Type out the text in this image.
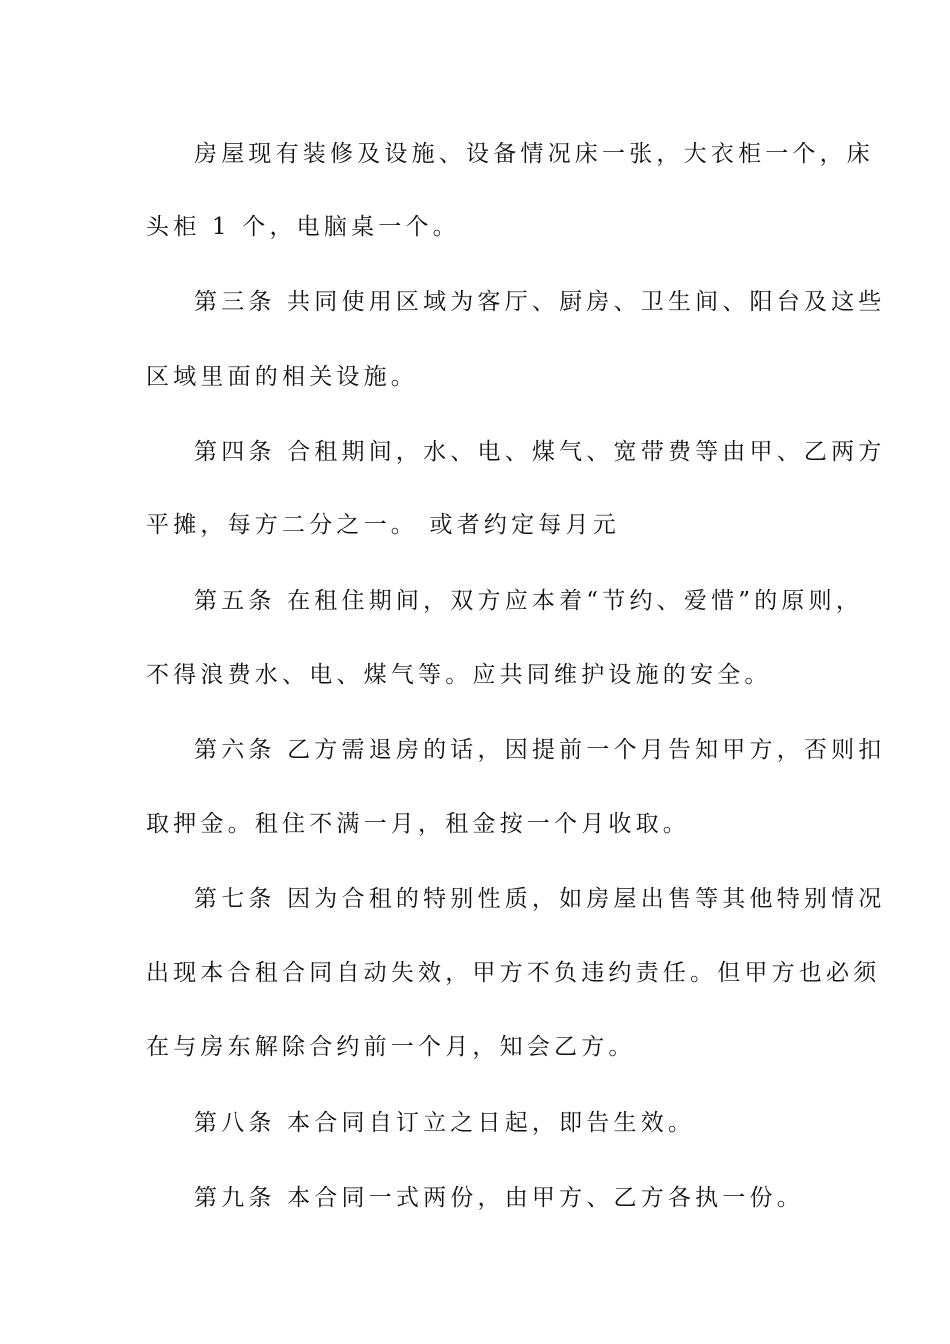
房屋现有装修及设施、设备情况床一张，大衣柜一个，床
头柜 1 个，电脑桌一个。
第三条 共同使用区域为客厅、厨房、卫生间、阳台及这些
区域里面的相关设施。
第四条 合租期间，水、电、煤气、宽带费等由甲、乙两方
平摊，每方二分之一。 或者约定每月元
第五条 在租住期间，双方应本着“节约、爱惜”的原则，
不得浪费水、电、煤气等。应共同维护设施的安全。
第六条 乙方需退房的话，因提前一个月告知甲方，否则扣
取押金。租住不满一月，租金按一个月收取。
第七条 因为合租的特别性质，如房屋出售等其他特别情况
出现本合租合同自动失效，甲方不负违约责任。但甲方也必须
在与房东解除合约前一个月，知会乙方。
第八条 本合同自订立之日起，即告生效。
第九条 本合同一式两份，由甲方、乙方各执一份。
